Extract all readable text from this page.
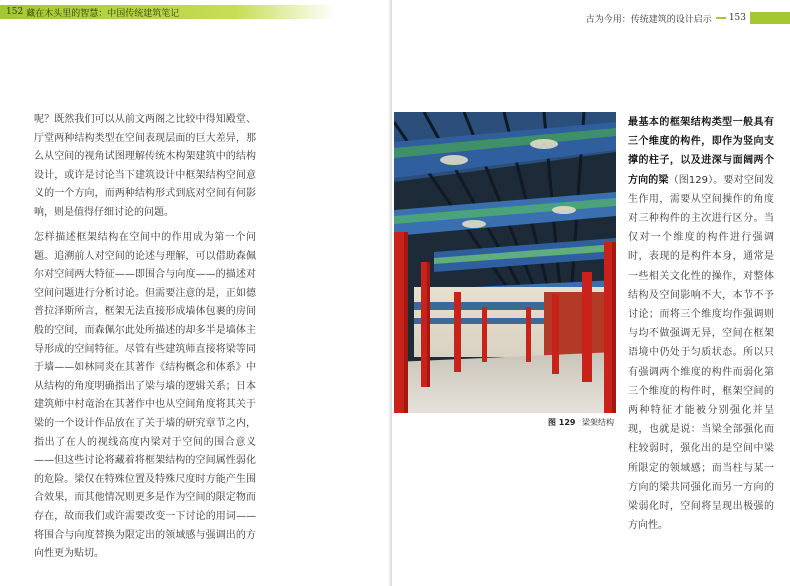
152 藏在木头里的智慧：中国传统建筑笔记

呢？既然我们可以从前文两阁之比较中得知殿堂、厅堂两种结构类型在空间表现层面的巨大差异，那么从空间的视角试图理解传统木构架建筑中的结构设计，或许是讨论当下建筑设计中框架结构空间意义的一个方向，而两种结构形式到底对空间有何影响，则是值得仔细讨论的问题。

怎样描述框架结构在空间中的作用成为第一个问题。追溯前人对空间的论述与理解，可以借助森佩尔对空间两大特征——即围合与向度——的描述对空间问题进行分析讨论。但需要注意的是，正如德普拉泽斯所言，框架无法直接形成墙体包裹的房间般的空间，而森佩尔此处所描述的却多半是墙体主导形成的空间特征。尽管有些建筑师直接将梁等同于墙——如林同炎在其著作《结构概念和体系》中从结构的角度明确指出了梁与墙的逻辑关系；日本建筑师中村竜治在其著作中也从空间角度将其关于梁的一个设计作品放在了关于墙的研究章节之内，指出了在人的视线高度内梁对于空间的围合意义——但这些讨论将藏着将框架结构的空间属性弱化的危险。梁仅在特殊位置及特殊尺度时方能产生围合效果，而其他情况则更多是作为空间的限定物而存在，故而我们或许需要改变一下讨论的用词——将围合与向度替换为限定出的领域感与强调出的方向性更为贴切。

古为今用：传统建筑的设计启示 153
图 129 梁架结构

最基本的框架结构类型一般具有三个维度的构件，即作为竖向支撑的柱子，以及进深与面阔两个方向的梁（图129）。要对空间发生作用，需要从空间操作的角度对三种构件的主次进行区分。当仅对一个维度的构件进行强调时，表现的是构件本身，通常是一些相关文化性的操作，对整体结构及空间影响不大，本节不予讨论；而将三个维度均作强调则与均不做强调无异，空间在框架语境中仍处于匀质状态。所以只有强调两个维度的构件而弱化第三个维度的构件时，框架空间的两种特征才能被分别强化并呈现，也就是说：当梁全部强化而柱较弱时，强化出的是空间中梁所限定的领域感；而当柱与某一方向的梁共同强化而另一方向的梁弱化时，空间将呈现出极强的方向性。
